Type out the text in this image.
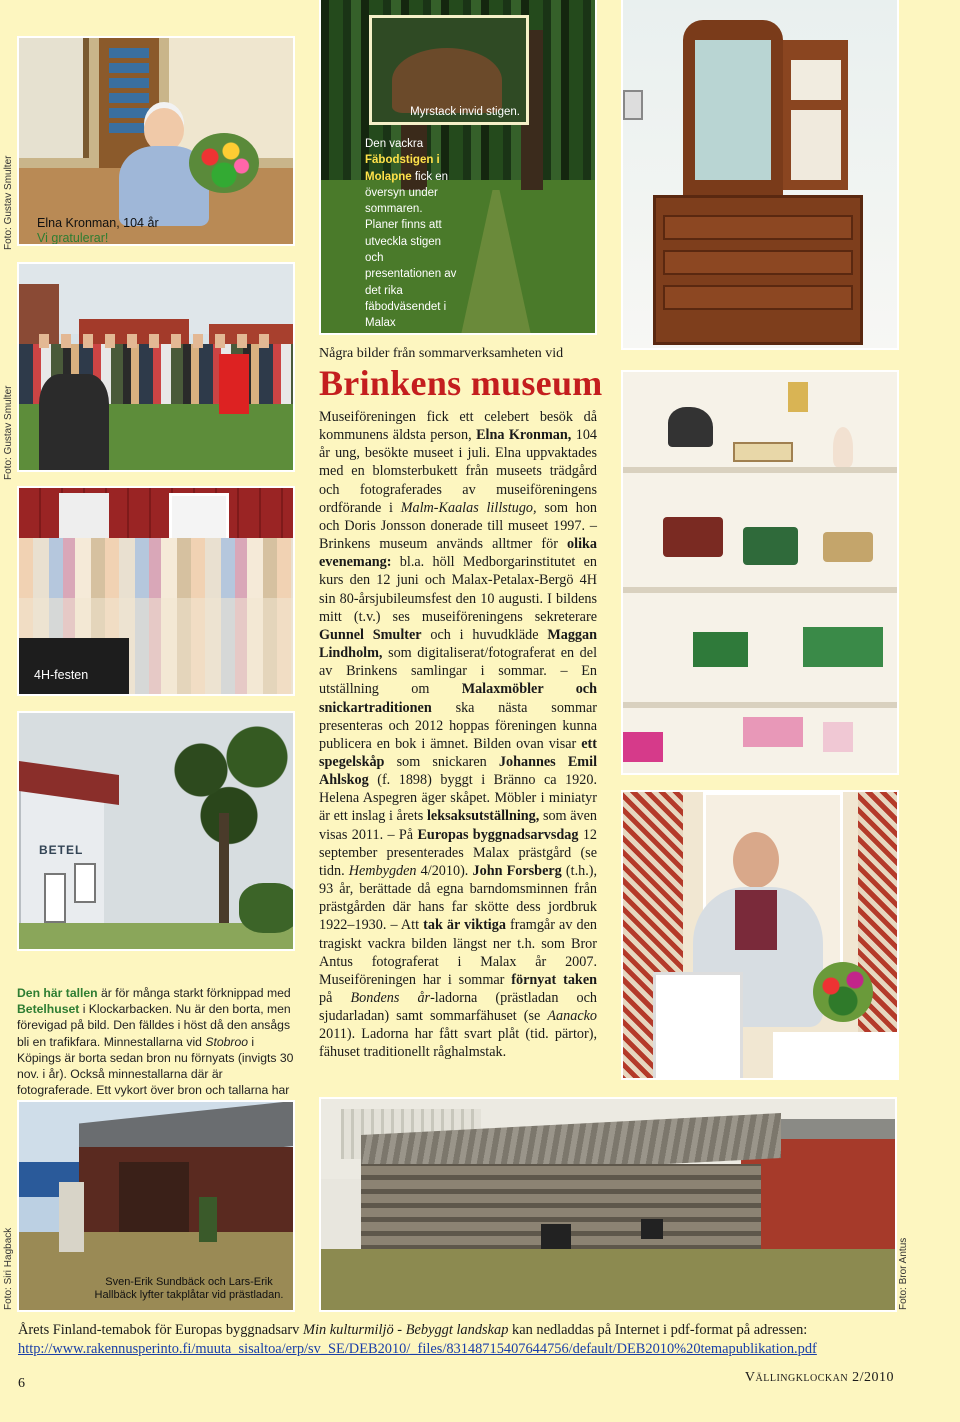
Foto: Gustav Smulter Elna Kronman, 104 år
Vi gratulerar!
Foto: Gustav Smulter
4H-festen
BETEL
Den här tallen är för många starkt förknippad med Betelhuset i Klockarbacken. Nu är den borta, men förevigad på bild. Den fälldes i höst då den ansågs bli en trafikfara. Minnestallarna vid Stobroo i Köpings är borta sedan bron nu förnyats (invigts 30 nov. i år). Också minnestallarna där är fotograferade. Ett vykort över bron och tallarna har
Myrstack invid stigen.
Den vackra Fäbodstigen i Molapne fick en översyn under sommaren. Planer finns att utveckla stigen och presentationen av det rika fäbodväsendet i Malax
Några bilder från sommarverksamheten vid
Brinkens museum
Museiföreningen fick ett celebert besök då kommunens äldsta person, Elna Kronman, 104 år ung, besökte museet i juli. Elna uppvaktades med en blomsterbukett från museets trädgård och fotograferades av museiföreningens ordförande i Malm-Kaalas lillstugo, som hon och Doris Jonsson donerade till museet 1997. – Brinkens museum används alltmer för olika evenemang: bl.a. höll Medborgarinstitutet en kurs den 12 juni och Malax-Petalax-Bergö 4H sin 80-årsjubileumsfest den 10 augusti. I bildens mitt (t.v.) ses museiföreningens sekreterare Gunnel Smulter och i huvudkläde Maggan Lindholm, som digitaliserat/fotograferat en del av Brinkens samlingar i sommar. – En utställning om Malaxmöbler och snickartraditionen ska nästa sommar presenteras och 2012 hoppas föreningen kunna publicera en bok i ämnet. Bilden ovan visar ett spegelskåp som snickaren Johannes Emil Ahlskog (f. 1898) byggt i Bränno ca 1920. Helena Aspegren äger skåpet. Möbler i miniatyr är ett inslag i årets leksaksutställning, som även visas 2011. – På Europas byggnadsarvsdag 12 september presenterades Malax prästgård (se tidn. Hembygden 4/2010). John Forsberg (t.h.), 93 år, berättade då egna barndomsminnen från prästgården där hans far skötte dess jordbruk 1922–1930. – Att tak är viktiga framgår av den tragiskt vackra bilden längst ner t.h. som Bror Antus fotograferat i Malax år 2007. Museiföreningen har i sommar förnyat taken på Bondens år-ladorna (prästladan och sjudarladan) samt sommarfähuset (se Aanacko 2011). Ladorna har fått svart plåt (tid. pärtor), fähuset traditionellt råghalmstak.
Foto: Siri Hagback	Sven-Erik Sundbäck och Lars-Erik Hallbäck lyfter takplåtar vid prästladan.	Foto: Bror Antus
Årets Finland-temabok för Europas byggnadsarv Min kulturmiljö - Bebyggt landskap kan nedladdas på Internet i pdf-format på adressen:
http://www.rakennusperinto.fi/muuta_sisaltoa/erp/sv_SE/DEB2010/_files/83148715407644756/default/DEB2010%20temapublikation.pdf
6	Vällingklockan 2/2010
